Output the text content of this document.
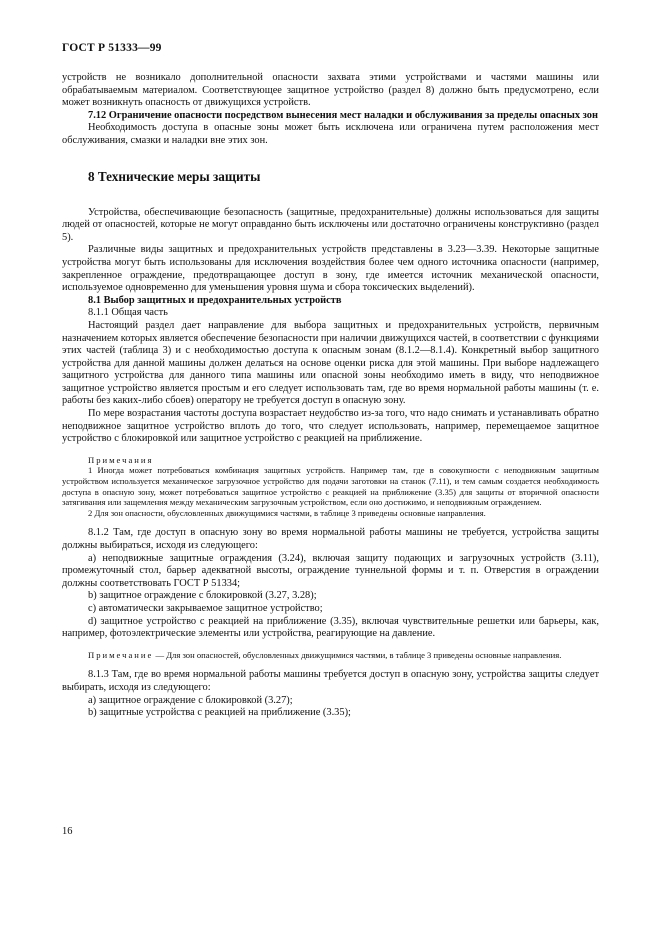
ГОСТ Р 51333—99

устройств не возникало дополнительной опасности захвата этими устройствами и частями машины или обрабатываемым материалом. Соответствующее защитное устройство (раздел 8) должно быть предусмотрено, если может возникнуть опасность от движущихся устройств.

7.12 Ограничение опасности посредством вынесения мест наладки и обслуживания за пределы опасных зон

Необходимость доступа в опасные зоны может быть исключена или ограничена путем расположения мест обслуживания, смазки и наладки вне этих зон.

8 Технические меры защиты

Устройства, обеспечивающие безопасность (защитные, предохранительные) должны использоваться для защиты людей от опасностей, которые не могут оправданно быть исключены или достаточно ограничены конструктивно (раздел 5).

Различные виды защитных и предохранительных устройств представлены в 3.23—3.39. Некоторые защитные устройства могут быть использованы для исключения воздействия более чем одного источника опасности (например, закрепленное ограждение, предотвращающее доступ в зону, где имеется источник механической опасности, используемое одновременно для уменьшения уровня шума и сбора токсических выделений).

8.1 Выбор защитных и предохранительных устройств

8.1.1 Общая часть

Настоящий раздел дает направление для выбора защитных и предохранительных устройств, первичным назначением которых является обеспечение безопасности при наличии движущихся частей, в соответствии с функциями этих частей (таблица 3) и с необходимостью доступа к опасным зонам (8.1.2—8.1.4). Конкретный выбор защитного устройства для данной машины должен делаться на основе оценки риска для этой машины. При выборе надлежащего защитного устройства для данного типа машины или опасной зоны необходимо иметь в виду, что неподвижное защитное устройство является простым и его следует использовать там, где во время нормальной работы машины (т. е. работы без каких-либо сбоев) оператору не требуется доступ в опасную зону.

По мере возрастания частоты доступа возрастает неудобство из-за того, что надо снимать и устанавливать обратно неподвижное защитное устройство вплоть до того, что следует использовать, например, перемещаемое защитное устройство с блокировкой или защитное устройство с реакцией на приближение.

Примечания

1 Иногда может потребоваться комбинация защитных устройств. Например там, где в совокупности с неподвижным защитным устройством используется механическое загрузочное устройство для подачи заготовки на станок (7.11), и тем самым создается необходимость доступа в опасную зону, может потребоваться защитное устройство с реакцией на приближение (3.35) для защиты от вторичной опасности затягивания или защемления между механическим загрузочным устройством, если оно достижимо, и неподвижным ограждением.

2 Для зон опасности, обусловленных движущимися частями, в таблице 3 приведены основные направления.

8.1.2 Там, где доступ в опасную зону во время нормальной работы машины не требуется, устройства защиты должны выбираться, исходя из следующего:

а) неподвижные защитные ограждения (3.24), включая защиту подающих и загрузочных устройств (3.11), промежуточный стол, барьер адекватной высоты, ограждение туннельной формы и т. п. Отверстия в ограждении должны соответствовать ГОСТ Р 51334;

b) защитное ограждение с блокировкой (3.27, 3.28);

с) автоматически закрываемое защитное устройство;

d) защитное устройство с реакцией на приближение (3.35), включая чувствительные решетки или барьеры, как, например, фотоэлектрические элементы или устройства, реагирующие на давление.

Примечание — Для зон опасностей, обусловленных движущимися частями, в таблице 3 приведены основные направления.

8.1.3 Там, где во время нормальной работы машины требуется доступ в опасную зону, устройства защиты следует выбирать, исходя из следующего:

а) защитное ограждение с блокировкой (3.27);

b) защитные устройства с реакцией на приближение (3.35);

16
